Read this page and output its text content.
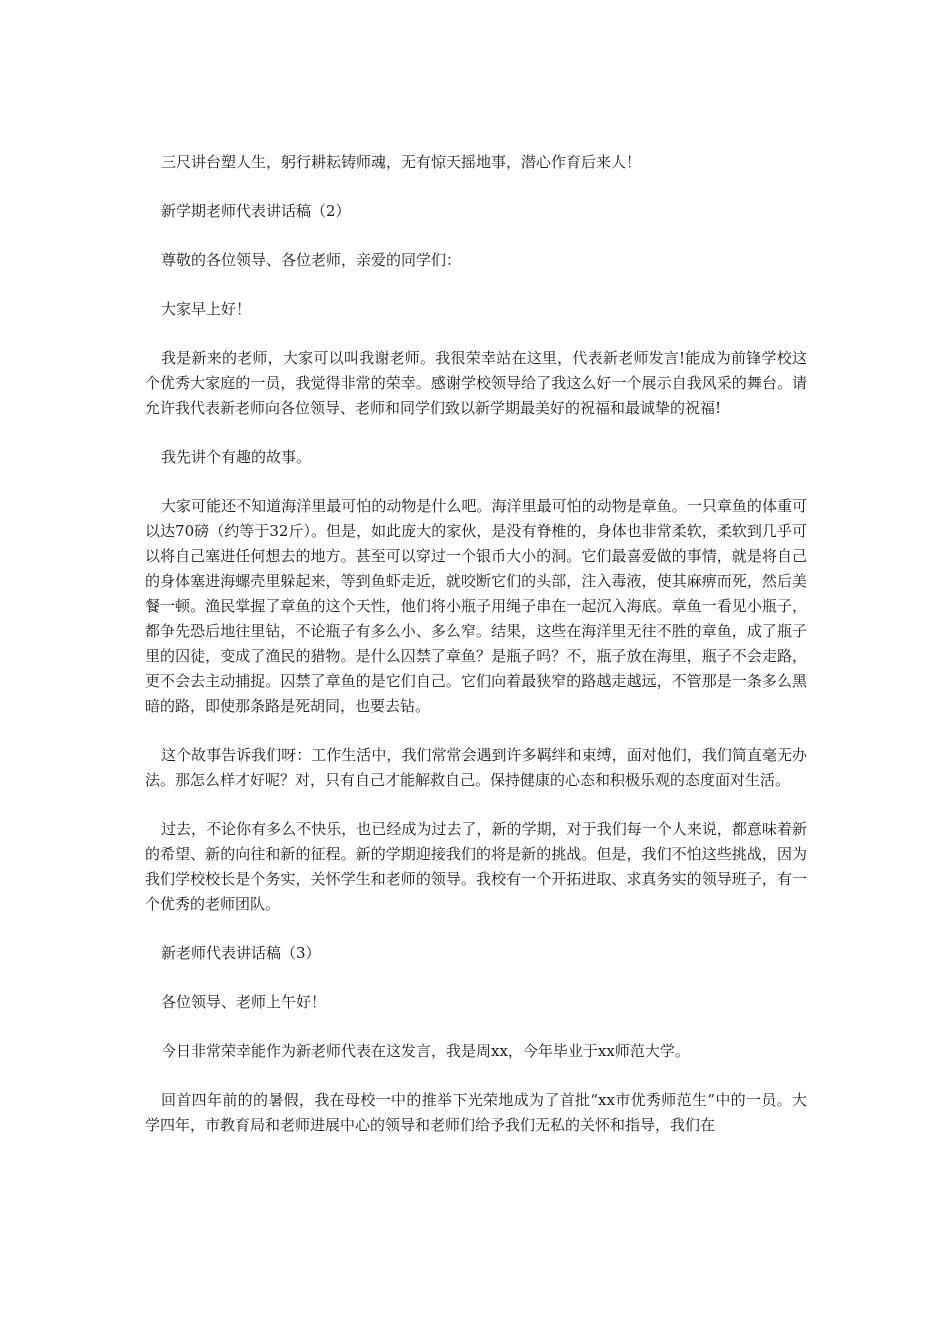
三尺讲台塑人生，躬行耕耘铸师魂，无有惊天摇地事，潜心作育后来人！

新学期老师代表讲话稿（2）

尊敬的各位领导、各位老师，亲爱的同学们：

大家早上好！

我是新来的老师，大家可以叫我谢老师。我很荣幸站在这里，代表新老师发言!能成为前锋学校这个优秀大家庭的一员，我觉得非常的荣幸。感谢学校领导给了我这么好一个展示自我风采的舞台。请允许我代表新老师向各位领导、老师和同学们致以新学期最美好的祝福和最诚挚的祝福!

我先讲个有趣的故事。

大家可能还不知道海洋里最可怕的动物是什么吧。海洋里最可怕的动物是章鱼。一只章鱼的体重可以达70磅（约等于32斤）。但是，如此庞大的家伙，是没有脊椎的，身体也非常柔软，柔软到几乎可以将自己塞进任何想去的地方。甚至可以穿过一个银币大小的洞。它们最喜爱做的事情，就是将自己的身体塞进海螺壳里躲起来，等到鱼虾走近，就咬断它们的头部，注入毒液，使其麻痹而死，然后美餐一顿。渔民掌握了章鱼的这个天性，他们将小瓶子用绳子串在一起沉入海底。章鱼一看见小瓶子，都争先恐后地往里钻，不论瓶子有多么小、多么窄。结果，这些在海洋里无往不胜的章鱼，成了瓶子里的囚徒，变成了渔民的猎物。是什么囚禁了章鱼？是瓶子吗？不，瓶子放在海里，瓶子不会走路，更不会去主动捕捉。囚禁了章鱼的是它们自己。它们向着最狭窄的路越走越远，不管那是一条多么黑暗的路，即使那条路是死胡同，也要去钻。

这个故事告诉我们呀：工作生活中，我们常常会遇到许多羁绊和束缚，面对他们，我们简直毫无办法。那怎么样才好呢？对，只有自己才能解救自己。保持健康的心态和积极乐观的态度面对生活。

过去，不论你有多么不快乐，也已经成为过去了，新的学期，对于我们每一个人来说，都意味着新的希望、新的向往和新的征程。新的学期迎接我们的将是新的挑战。但是，我们不怕这些挑战，因为我们学校校长是个务实，关怀学生和老师的领导。我校有一个开拓进取、求真务实的领导班子，有一个优秀的老师团队。

新老师代表讲话稿（3）

各位领导、老师上午好！

今日非常荣幸能作为新老师代表在这发言，我是周xx，今年毕业于xx师范大学。

回首四年前的的暑假，我在母校一中的推举下光荣地成为了首批“xx市优秀师范生”中的一员。大学四年，市教育局和老师进展中心的领导和老师们给予我们无私的关怀和指导，我们在
